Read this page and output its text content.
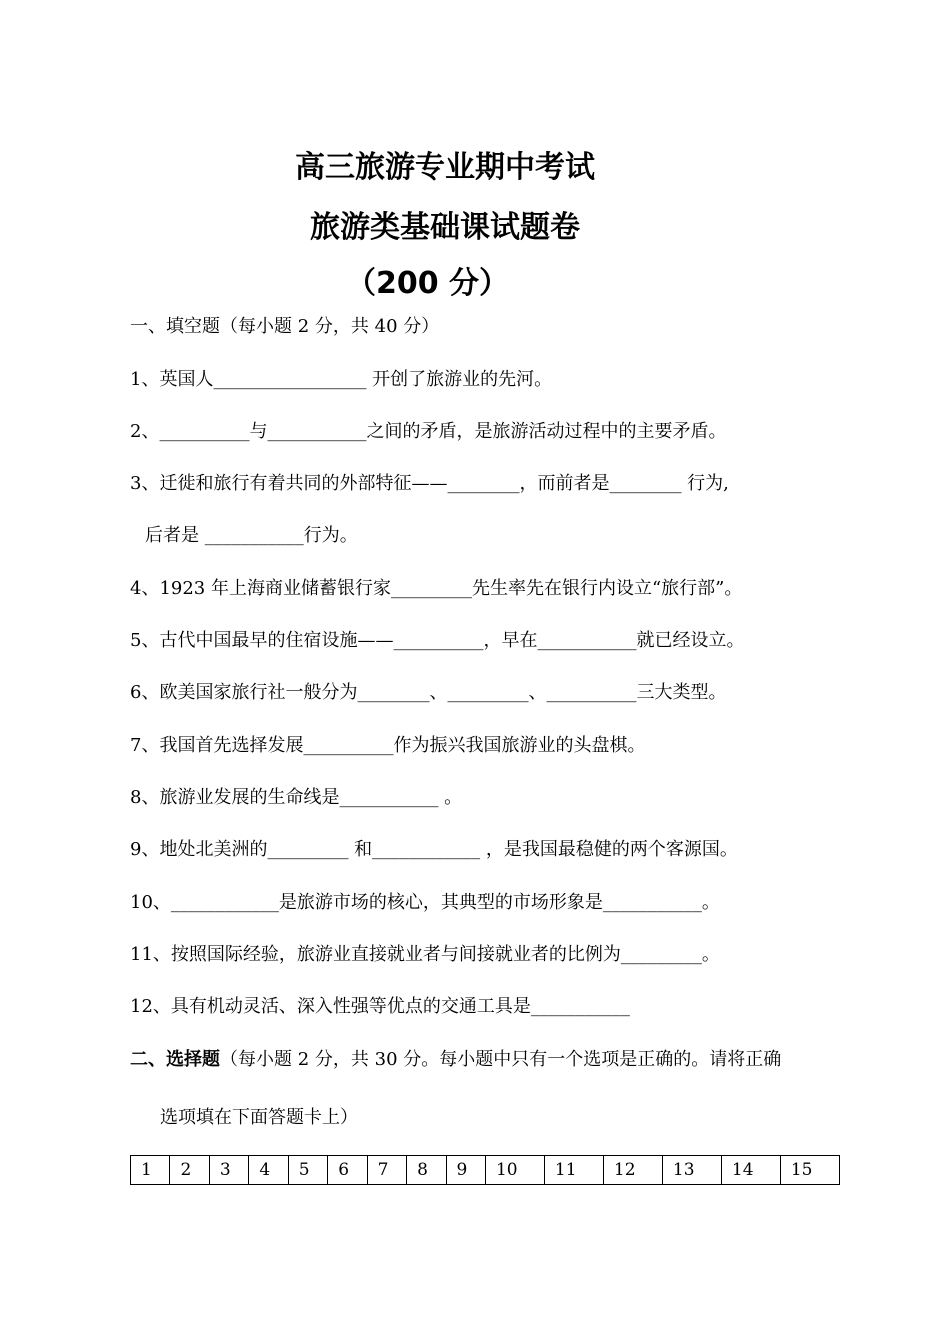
高三旅游专业期中考试
旅游类基础课试题卷
（200 分）
一、填空题（每小题 2 分，共 40 分）
1、英国人_________________ 开创了旅游业的先河。
2、__________与___________之间的矛盾，是旅游活动过程中的主要矛盾。
3、迁徙和旅行有着共同的外部特征——________，而前者是________ 行为,
后者是 ___________行为。
4、1923 年上海商业储蓄银行家_________先生率先在银行内设立“旅行部”。
5、古代中国最早的住宿设施——__________，早在___________就已经设立。
6、欧美国家旅行社一般分为________、_________、__________三大类型。
7、我国首先选择发展__________作为振兴我国旅游业的头盘棋。
8、旅游业发展的生命线是___________ 。
9、地处北美洲的_________ 和____________ ，是我国最稳健的两个客源国。
10、____________是旅游市场的核心，其典型的市场形象是___________。
11、按照国际经验，旅游业直接就业者与间接就业者的比例为_________。
12、具有机动灵活、深入性强等优点的交通工具是___________
二、选择题（每小题 2 分，共 30 分。每小题中只有一个选项是正确的。请将正确
选项填在下面答题卡上）
1	2	3	4	5	6	7	8	9	10	11	12	13	14	15
